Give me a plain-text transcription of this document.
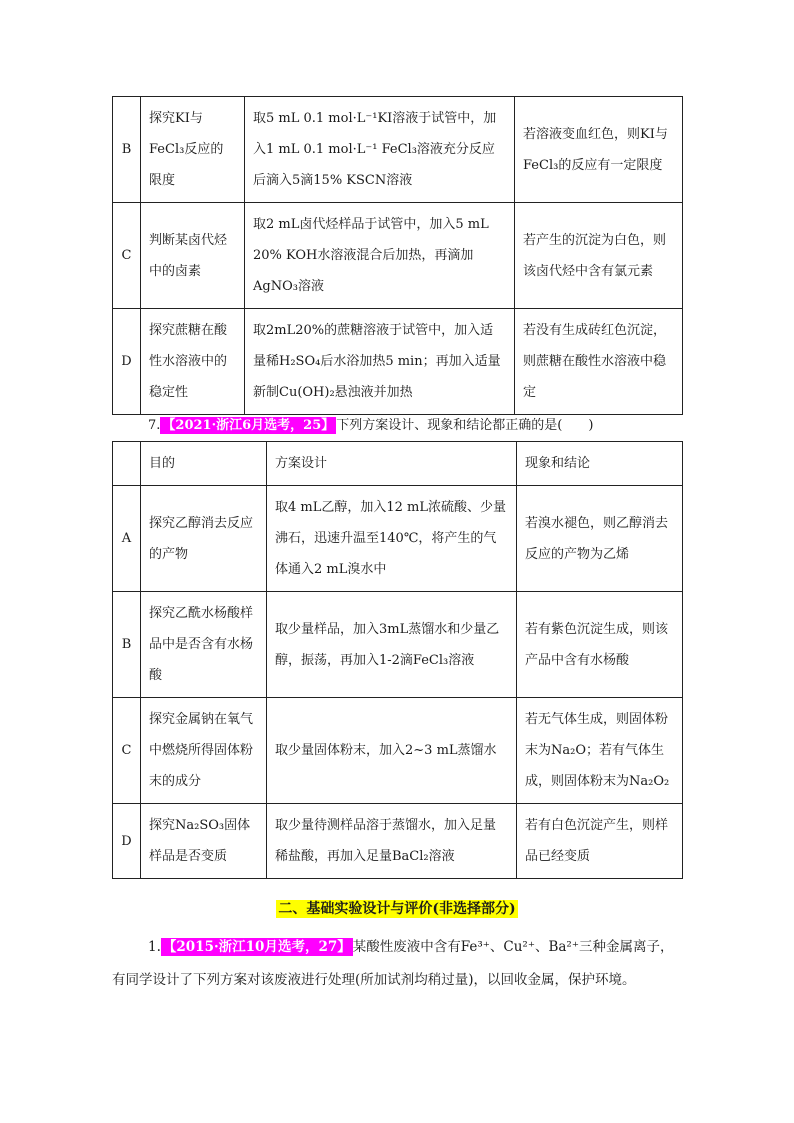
B	探究KI与FeCl₃反应的限度	取5 mL 0.1 mol·L⁻¹KI溶液于试管中，加入1 mL 0.1 mol·L⁻¹ FeCl₃溶液充分反应后滴入5滴15% KSCN溶液	若溶液变血红色，则KI与FeCl₃的反应有一定限度
C	判断某卤代烃中的卤素	取2 mL卤代烃样品于试管中，加入5 mL 20% KOH水溶液混合后加热，再滴加AgNO₃溶液	若产生的沉淀为白色，则该卤代烃中含有氯元素
D	探究蔗糖在酸性水溶液中的稳定性	取2mL20%的蔗糖溶液于试管中，加入适量稀H₂SO₄后水浴加热5 min；再加入适量新制Cu(OH)₂悬浊液并加热	若没有生成砖红色沉淀，则蔗糖在酸性水溶液中稳定
7. 【2021·浙江6月选考，25】 下列方案设计、现象和结论都正确的是(　　)
	目的	方案设计	现象和结论
A	探究乙醇消去反应的产物	取4 mL乙醇，加入12 mL浓硫酸、少量沸石，迅速升温至140℃，将产生的气体通入2 mL溴水中	若溴水褪色，则乙醇消去反应的产物为乙烯
B	探究乙酰水杨酸样品中是否含有水杨酸	取少量样品，加入3mL蒸馏水和少量乙醇，振荡，再加入1-2滴FeCl₃溶液	若有紫色沉淀生成，则该产品中含有水杨酸
C	探究金属钠在氧气中燃烧所得固体粉末的成分	取少量固体粉末，加入2~3 mL蒸馏水	若无气体生成，则固体粉末为Na₂O；若有气体生成，则固体粉末为Na₂O₂
D	探究Na₂SO₃固体样品是否变质	取少量待测样品溶于蒸馏水，加入足量稀盐酸，再加入足量BaCl₂溶液	若有白色沉淀产生，则样品已经变质
二、基础实验设计与评价(非选择部分)
1. 【2015·浙江10月选考，27】 某酸性废液中含有Fe³⁺、Cu²⁺、Ba²⁺三种金属离子，有同学设计了下列方案对该废液进行处理(所加试剂均稍过量)，以回收金属，保护环境。
